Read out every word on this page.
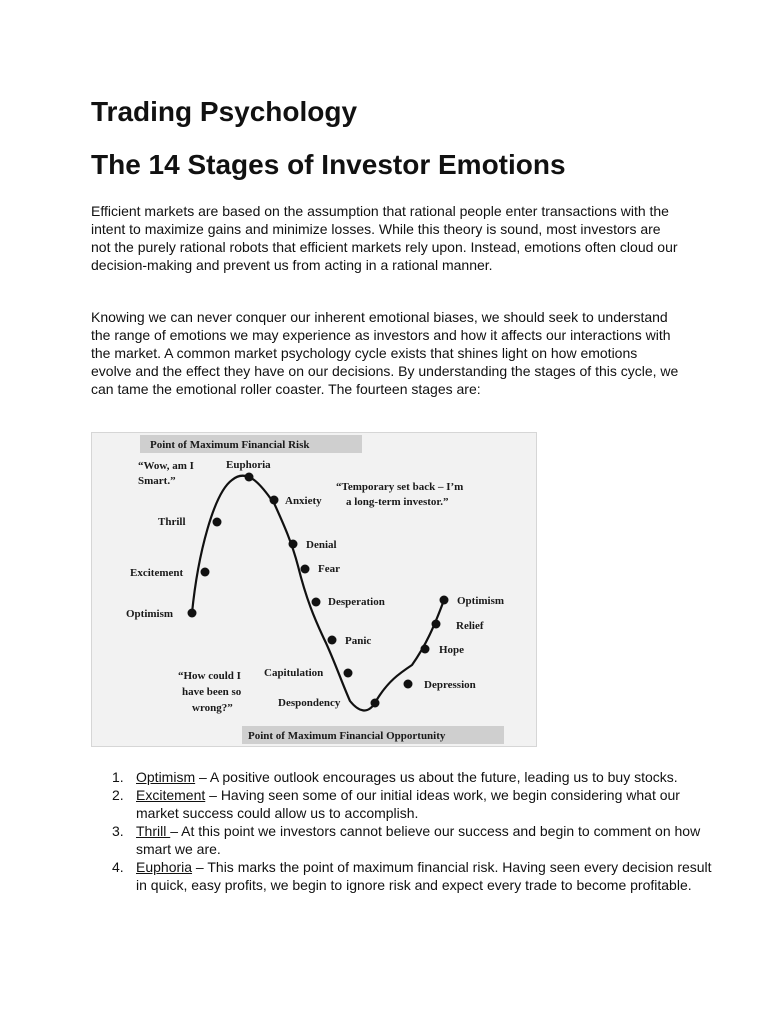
Trading Psychology
The 14 Stages of Investor Emotions

Efficient markets are based on the assumption that rational people enter transactions with the intent to maximize gains and minimize losses. While this theory is sound, most investors are not the purely rational robots that efficient markets rely upon. Instead, emotions often cloud our decision-making and prevent us from acting in a rational manner.

Knowing we can never conquer our inherent emotional biases, we should seek to understand the range of emotions we may experience as investors and how it affects our interactions with the market. A common market psychology cycle exists that shines light on how emotions evolve and the effect they have on our decisions. By understanding the stages of this cycle, we can tame the emotional roller coaster. The fourteen stages are:

Point of Maximum Financial Risk
Point of Maximum Financial Opportunity
Optimism
Excitement
Thrill
Euphoria
Anxiety
Denial
Fear
Desperation
Panic
Capitulation
Despondency
Depression
Hope
Relief
Optimism
“Wow, am I
Smart.”	“Temporary set back – I’m
a long-term investor.”
“How could I
have been so
wrong?”
1. Optimism – A positive outlook encourages us about the future, leading us to buy stocks.
2. Excitement – Having seen some of our initial ideas work, we begin considering what our market success could allow us to accomplish.
3. Thrill – At this point we investors cannot believe our success and begin to comment on how smart we are.
4. Euphoria – This marks the point of maximum financial risk. Having seen every decision result in quick, easy profits, we begin to ignore risk and expect every trade to become profitable.
